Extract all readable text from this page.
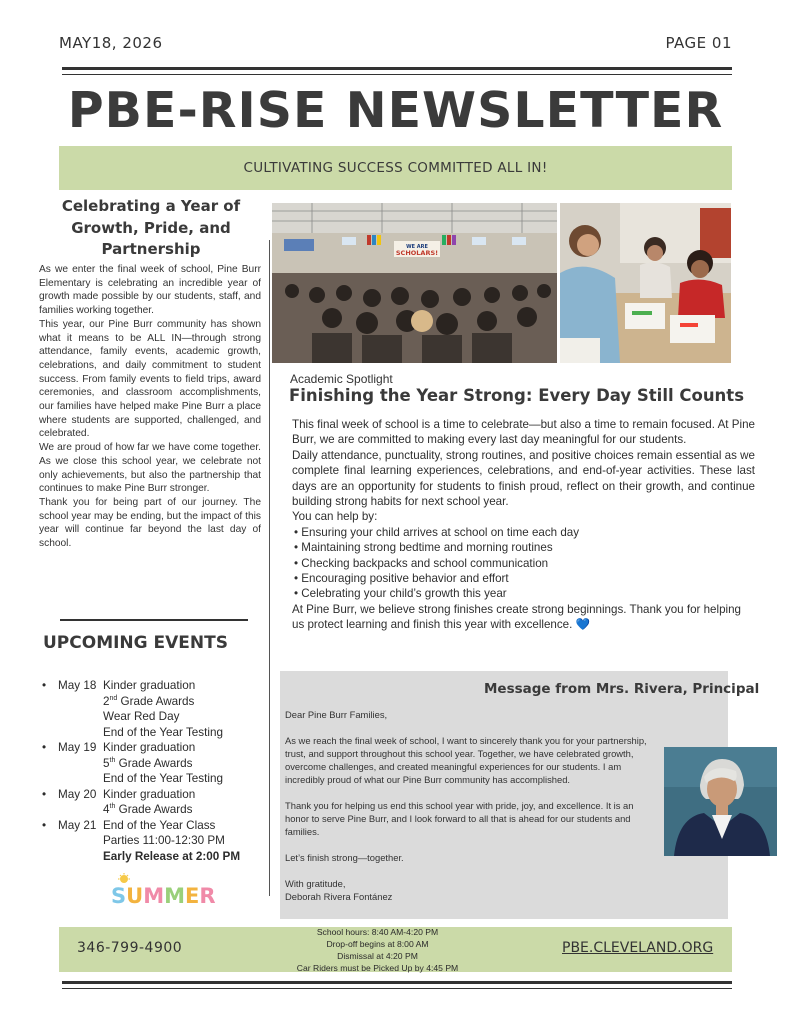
MAY18, 2026	PAGE 01
PBE-RISE NEWSLETTER
CULTIVATING SUCCESS COMMITTED ALL IN!
Celebrating a Year of Growth, Pride, and Partnership

As we enter the final week of school, Pine Burr Elementary is celebrating an incredible year of growth made possible by our students, staff, and families working together.

This year, our Pine Burr community has shown what it means to be ALL IN—through strong attendance, family events, academic growth, celebrations, and daily commitment to student success. From family events to field trips, award ceremonies, and classroom accomplishments, our families have helped make Pine Burr a place where students are supported, challenged, and celebrated.

We are proud of how far we have come together. As we close this school year, we celebrate not only achievements, but also the partnership that continues to make Pine Burr stronger.

Thank you for being part of our journey. The school year may be ending, but the impact of this year will continue far beyond the last day of school.

UPCOMING EVENTS
• May 18 Kinder graduation
2nd Grade Awards
Wear Red Day
End of the Year Testing
• May 19 Kinder graduation
5th Grade Awards
End of the Year Testing
• May 20 Kinder graduation
4th Grade Awards
• May 21 End of the Year Class
Parties 11:00-12:30 PM
Early Release at 2:00 PM
SUMMER
WE ARE
SCHOLARS!
Academic Spotlight
Finishing the Year Strong: Every Day Still Counts

This final week of school is a time to celebrate—but also a time to remain focused. At Pine Burr, we are committed to making every last day meaningful for our students.

Daily attendance, punctuality, strong routines, and positive choices remain essential as we complete final learning experiences, celebrations, and end-of-year activities. These last days are an opportunity for students to finish proud, reflect on their growth, and continue building strong habits for next school year.

You can help by:

• Ensuring your child arrives at school on time each day

• Maintaining strong bedtime and morning routines

• Checking backpacks and school communication

• Encouraging positive behavior and effort

• Celebrating your child’s growth this year

At Pine Burr, we believe strong finishes create strong beginnings. Thank you for helping us protect learning and finish this year with excellence. 💙

Message from Mrs. Rivera, Principal

Dear Pine Burr Families,

As we reach the final week of school, I want to sincerely thank you for your partnership, trust, and support throughout this school year. Together, we have celebrated growth, overcome challenges, and created meaningful experiences for our students. I am incredibly proud of what our Pine Burr community has accomplished.

Thank you for helping us end this school year with pride, joy, and excellence. It is an honor to serve Pine Burr, and I look forward to all that is ahead for our students and families.

Let’s finish strong—together.

With gratitude,

Deborah Rivera Fontánez

346-799-4900
School hours: 8:40 AM-4:20 PM
Drop-off begins at 8:00 AM
Dismissal at 4:20 PM
Car Riders must be Picked Up by 4:45 PM
PBE.CLEVELAND.ORG
